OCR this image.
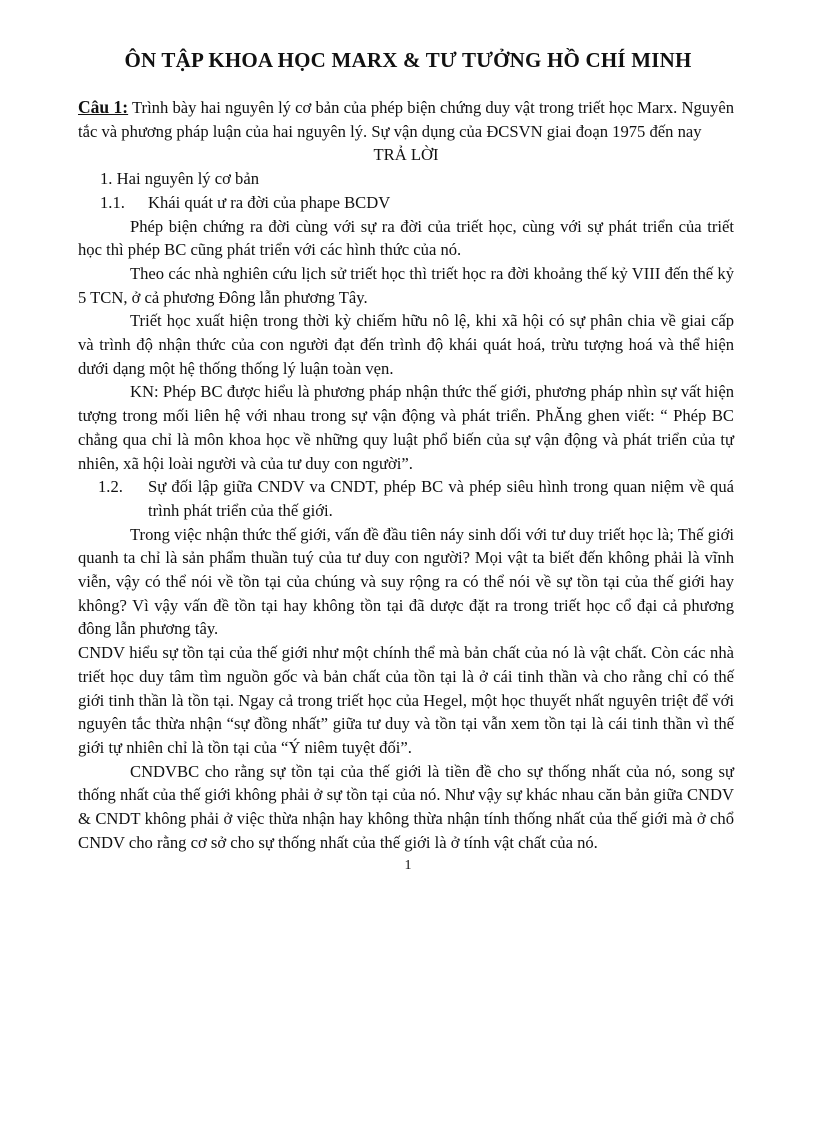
ÔN TẬP KHOA HỌC MARX & TƯ TƯỞNG HỒ CHÍ MINH

Câu 1: Trình bày hai nguyên lý cơ bản của phép biện chứng duy vật trong triết học Marx. Nguyên tắc và phương pháp luận của hai nguyên lý. Sự vận dụng của ĐCSVN giai đoạn 1975 đến nay

TRẢ LỜI

1. Hai nguyên lý cơ bản

1.1. Khái quát ư ra đời của phape BCDV

Phép biện chứng ra đời cùng với sự ra đời của triết học, cùng với sự phát triển của triết học thì phép BC cũng phát triển với các hình thức của nó.

Theo các nhà nghiên cứu lịch sử triết học thì triết học ra đời khoảng thế kỷ VIII đến thế kỷ 5 TCN, ở cả phương Đông lẫn phương Tây.

Triết học xuất hiện trong thời kỳ chiếm hữu nô lệ, khi xã hội có sự phân chia về giai cấp và trình độ nhận thức của con người đạt đến trình độ khái quát hoá, trừu tượng hoá và thể hiện dưới dạng một hệ thống thống lý luận toàn vẹn.

KN: Phép BC được hiểu là phương pháp nhận thức thế giới, phương pháp nhìn sự vất hiện tượng trong mối liên hệ với nhau trong sự vận động và phát triển. PhĂng ghen viết: “ Phép BC chẳng qua chỉ là môn khoa học về những quy luật phổ biến của sự vận động và phát triển của tự nhiên, xã hội loài người và của tư duy con người”.

1.2. Sự đối lập giữa CNDV va CNDT, phép BC và phép siêu hình trong quan niệm về quá trình phát triển của thế giới.

Trong việc nhận thức thế giới, vấn đề đầu tiên náy sinh dối với tư duy triết học là; Thế giới quanh ta chỉ là sản phẩm thuần tuý của tư duy con người? Mọi vật ta biết đến không phải là vĩnh viễn, vậy có thể nói về tồn tại của chúng và suy rộng ra có thể nói về sự tồn tại của thế giới hay không? Vì vậy vấn đề tồn tại hay không tồn tại đã dược đặt ra trong triết học cổ đại cả phương đông lẫn phương tây.

CNDV hiểu sự tồn tại của thế giới như một chính thể mà bản chất của nó là vật chất. Còn các nhà triết học duy tâm tìm nguồn gốc và bản chất của tồn tại là ở cái tinh thần và cho rằng chỉ có thế giới tinh thần là tồn tại. Ngay cả trong triết học của Hegel, một học thuyết nhất nguyên triệt để với nguyên tắc thừa nhận “sự đồng nhất” giữa tư duy và tồn tại vẫn xem tồn tại là cái tinh thần vì thế giới tự nhiên chỉ là tồn tại của “Ý niêm tuyệt đối”.

CNDVBC cho rằng sự tồn tại của thế giới là tiền đề cho sự thống nhất của nó, song sự thống nhất của thế giới không phải ở sự tồn tại của nó. Như vậy sự khác nhau căn bản giữa CNDV & CNDT không phải ở việc thừa nhận hay không thừa nhận tính thống nhất của thế giới mà ở chổ CNDV cho rằng cơ sở cho sự thống nhất của thế giới là ở tính vật chất của nó.

1
